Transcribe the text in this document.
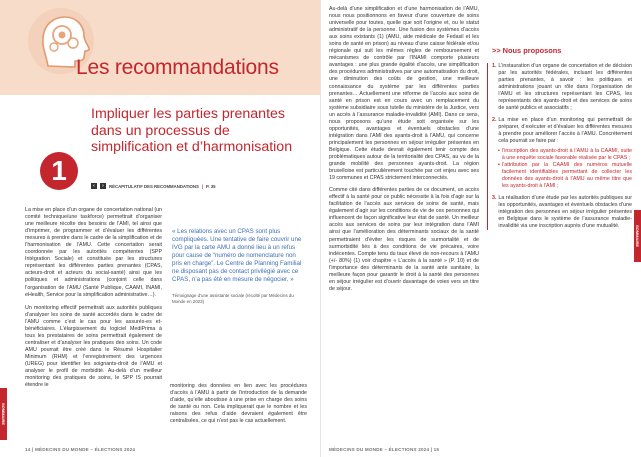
Les recommandations
1
Impliquer les parties prenantes dans un processus de simplification et d’harmonisation
‹	›	RÉCAPITULATIF DES RECOMMANDATIONS | P. 35

La mise en place d’un organe de concertation national (un comité technique/une taskforce) permettrait d’organiser une meilleure récolte des besoins de l’AMI, tel ainsi que d’imprimer, de programmer et d’évaluer les différentes mesures à prendre dans le cadre de la simplification et de l’harmonisation de l’AMU. Cette concertation serait coordonnée par les autorités compétentes (SPP Intégration Sociale) et constituée par les structures représentant les différentes parties prenantes (CPAS, acteurs-droit et acteurs du social-santé) ainsi que les politiques et administrations (conjoint celle dans l’organisation de l’AMU (Santé Publique, CAAMI, INAMI, eHealth, Service pour la simplification administrative…).

Un monitoring effectif permettrait aux autorités publiques d’analyser les soins de santé accordés dans le cadre de l’AMU comme c’est le cas pour les assurés-es et-bénéficiaires. L’élargissement du logiciel MediPrima à tous les prestataires de soins permettrait également de centraliser et d’analyser les pratiques des soins. Un code AMU pourrait être créé dans le Résumé Hospitalier Minimum (RHM) et l’enregistrement des urgences (UREG) pour identifier les soignants-droit de l’AMU et analyser le profil de morbidité. Au-delà d’un meilleur monitoring des pratiques de soins, le SPP IS pourrait étendre le

« Les relations avec un CPAS sont plus compliquées. Une tentative de faire couvrir une IVG par la carte AMU a donné lieu à un refus pour cause de “numéro de nomenclature non pris en charge”. Le Centre de Planning Familial ne disposant pas de contact privilégié avec ce CPAS, n’a pas été en mesure de négocier. »
Témoignage d’une assistante sociale (récolté par Médecins du Monde en 2023)

monitoring des données en lien avec les procédures d’accès à l’AMU à partir de l’introduction de la demande d’aide, qu’elle aboutisse à une prise en charge des soins de santé ou non. Cela impliquerait que le nombre et les raisons des refus d’aide devraient également être centralisées, ce qui n’est pas le cas actuellement.

SOMMAIRE
14 | MÉDECINS DU MONDE – ÉLECTIONS 2024

Au-delà d’une simplification et d’une harmonisation de l’AMU, nous nous positionnons en faveur d’une couverture de soins universelle pour toutes, quelle que soit l’origine et, ou le statut administratif de la personne. Une fusion des systèmes d’accès aux soins existants (1) (AMU, aide médicale de Fedasil et les soins de santé en prison) au niveau d’une caisse fédérale et/ou régionale qui suit les mêmes règles de remboursement et mécanismes de contrôle par l’INAMI comporte plusieurs avantages : une plus grande égalité d’accès, une simplification des procédures administratives par une automatisation du droit, une diminution des coûts de gestion, une meilleure connaissance du système par les différentes parties prenantes… Actuellement une réforme de l’accès aux soins de santé en prison est en cours avec un remplacement du système subsidiaire sous tutelle du ministère de la Justice, vers un accès à l’assurance maladie-invalidité (AMI). Dans ce sens, nous proposons qu’une étude soit organisée sur les opportunités, avantages et éventuels obstacles d’une intégration dans l’AMI des ayants-droit à l’AMU, qui concerne principalement les personnes en séjour irrégulier présentes en Belgique. Cette étude devrait également tenir compte des problématiques autour de la territorialité des CPAS, au vu de la grande mobilité des personnes ayants-droit. La région bruxelloise est particulièrement touchée par cet enjeu avec ses 19 communes et CPAS strictement interconnectés.

Comme cité dans différentes parties de ce document, un accès effectif à la santé pour ce public nécessite à la fois d’agir sur la facilitation de l’accès aux services de soins de santé, mais également d’agir sur les conditions de vie de ces personnes qui influencent de façon significative leur état de santé. Un meilleur accès aux services de soins par leur intégration dans l’AMI ainsi que l’amélioration des déterminants sociaux de la santé permettraient d’éviter les risques de surmortalité et de surmorbidité liés à des conditions de vie précaires, voire indécentes. Compte tenu du taux élevé de non-recours à l’AMU (+/- 80%) (1) voir chapitre « L’accès à la santé » (P. 10) et de l’importance des déterminants de la santé ante sanitaire, la meilleure façon pour garantir le droit à la santé des personnes en séjour irrégulier est d’ouvrir davantage de voies vers un titre de séjour.

>> Nous proposons
1. L’instauration d’un organe de concertation et de décision par les autorités fédérales, incluant les différentes parties prenantes, à savoir : les politiques et administrations jouant un rôle dans l’organisation de l’AMU et les structures représentant les CPAS, les représentants des ayants-droit et des services de soins de santé publics et associatifs ;
2. La mise en place d’un monitoring qui permettrait de préparer, d’exécuter et d’évaluer les différentes mesures à prendre pour améliorer l’accès à l’AMU. Concrètement cela pourrait se faire par :
▪ l’inscription des ayants-droit à l’AMU à la CAAMI, suite à une enquête sociale favorable réalisée par le CPAS ;
▪ l’attribution par la CAAMI des numéros mutuelle facilement identifiables permettant de collecter les données des ayants-droit à l’AMU au même titre que les ayants-droit à l’AMI ;
3. La réalisation d’une étude par les autorités publiques sur les opportunités, avantages et éventuels obstacles d’une intégration des personnes en séjour irrégulier présentes en Belgique dans le système de l’assurance maladie-invalidité via une inscription auprès d’une mutualité.	SOMMAIRE
MÉDECINS DU MONDE – ÉLECTIONS 2024 | 15
